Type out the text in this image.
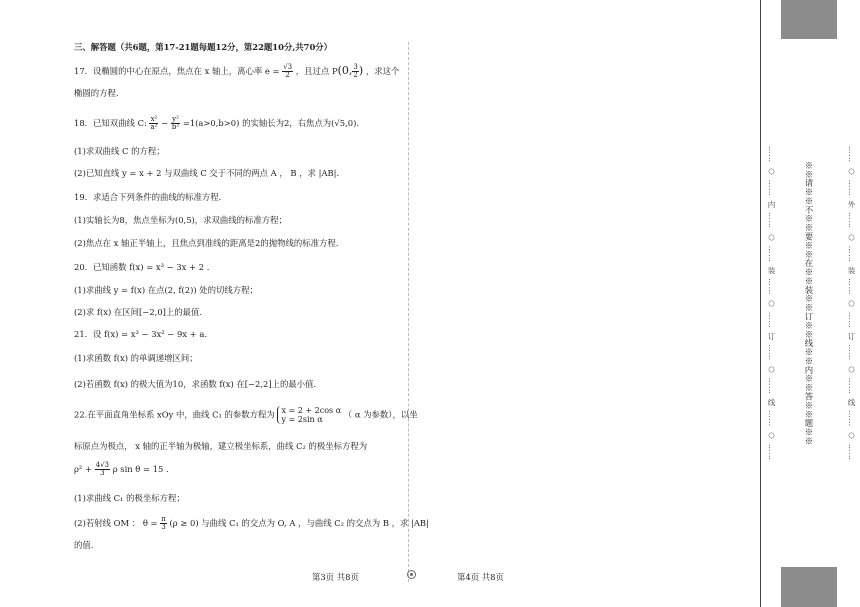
三、解答题（共6题，第17-21题每题12分，第22题10分,共70分）
17．设椭圆的中心在原点，焦点在 x 轴上，离心率 $e = \frac{√3}{2}$ ，且过点 P(0, $\frac{3}{2}$ ) ，求这个
椭圆的方程.
18．已知双曲线 C: $\frac{\text{x²}}{\text{a²}} - \frac{\text{y²}}{\text{b²}} =1(a>0,b>0)$ 的实轴长为2，右焦点为(√5,0).
(1)求双曲线 C 的方程；
(2)已知直线 y = x + 2 与双曲线 C 交于不同的两点 A ， B ，求 |AB|.
19．求适合下列条件的曲线的标准方程.
(1)实轴长为8，焦点坐标为(0,5)，求双曲线的标准方程；
(2)焦点在 x 轴正半轴上，且焦点到准线的距离是2的抛物线的标准方程.
20．已知函数 f(x) = x³ − 3x + 2 .
(1)求曲线 y = f(x) 在点(2, f(2)) 处的切线方程；
(2)求 f(x) 在区间[−2,0]上的最值.
21．设 f(x) = x³ − 3x² − 9x + a.
(1)求函数 f(x) 的单调递增区间；
(2)若函数 f(x) 的极大值为10，求函数 f(x) 在[−2,2]上的最小值.
22.在平面直角坐标系 xOy 中，曲线 C₁ 的参数方程为 x = 2 + 2cos α
y = 2sin α	（ α 为参数），以坐
标原点为极点， x 轴的正半轴为极轴，建立极坐标系，曲线 C₂ 的极坐标方程为
$\rho^2 + \frac{4√3}{3}$ ρ sin θ = 15 .
(1)求曲线 C₁ 的极坐标方程；
(2)若射线 OM ： $\theta = \frac{\pi}{3} (\rho \ge 0)$ 与曲线 C₁ 的交点为 O, A ，与曲线 C₂ 的交点为 B ，求 |AB|
的值.
第3页 共8页	第4页 共8页
…… ○ …… 内 …… ○ …… 装 …… ○ …… 订 …… ○ …… 线 …… ○ ……	※※请※※不※※要※※在※※装※※订※※线※※内※※答※※题※※	…… ○ …… 外 …… ○ …… 装 …… ○ …… 订 …… ○ …… 线 …… ○ ……
